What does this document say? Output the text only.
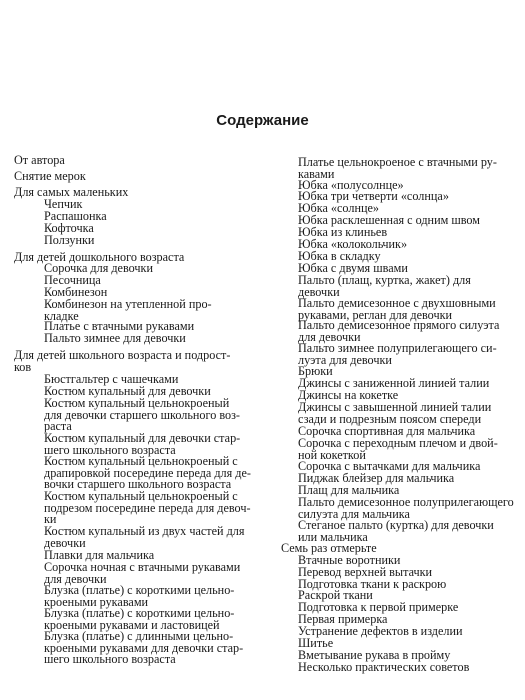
Содержание
От автора
Снятие мерок
Для самых маленьких
Чепчик
Распашонка
Кофточка
Ползунки
Для детей дошкольного возраста
Сорочка для девочки
Песочница
Комбинезон
Комбинезон на утепленной про-
кладке
Платье с втачными рукавами
Пальто зимнее для девочки
Для детей школьного возраста и подрост-
ков
Бюстгальтер с чашечками
Костюм купальный для девочки
Костюм купальный цельнокроеный
для девочки старшего школьного воз-
раста
Костюм купальный для девочки стар-
шего школьного возраста
Костюм купальный цельнокроеный с
драпировкой посередине переда для де-
вочки старшего школьного возраста
Костюм купальный цельнокроеный с
подрезом посередине переда для девоч-
ки
Костюм купальный из двух частей для
девочки
Плавки для мальчика
Сорочка ночная с втачными рукавами
для девочки
Блузка (платье) с короткими цельно-
кроеными рукавами
Блузка (платье) с короткими цельно-
кроеными рукавами и ластовицей
Блузка (платье) с длинными цельно-
кроеными рукавами для девочки стар-
шего школьного возраста
Платье цельнокроеное с втачными ру-
кавами
Юбка «полусолнце»
Юбка три четверти «солнца»
Юбка «солнце»
Юбка расклешенная с одним швом
Юбка из клиньев
Юбка «колокольчик»
Юбка в складку
Юбка с двумя швами
Пальто (плащ, куртка, жакет) для
девочки
Пальто демисезонное с двухшовными
рукавами, реглан для девочки
Пальто демисезонное прямого силуэта
для девочки
Пальто зимнее полуприлегающего си-
луэта для девочки
Брюки
Джинсы с заниженной линией талии
Джинсы на кокетке
Джинсы с завышенной линией талии
сзади и подрезным поясом спереди
Сорочка спортивная для мальчика
Сорочка с переходным плечом и двой-
ной кокеткой
Сорочка с вытачками для мальчика
Пиджак блейзер для мальчика
Плащ для мальчика
Пальто демисезонное полуприлегающего
силуэта для мальчика
Стеганое пальто (куртка) для девочки
или мальчика
Семь раз отмерьте
Втачные воротники
Перевод верхней вытачки
Подготовка ткани к раскрою
Раскрой ткани
Подготовка к первой примерке
Первая примерка
Устранение дефектов в изделии
Шитье
Вметывание рукава в пройму
Несколько практических советов
